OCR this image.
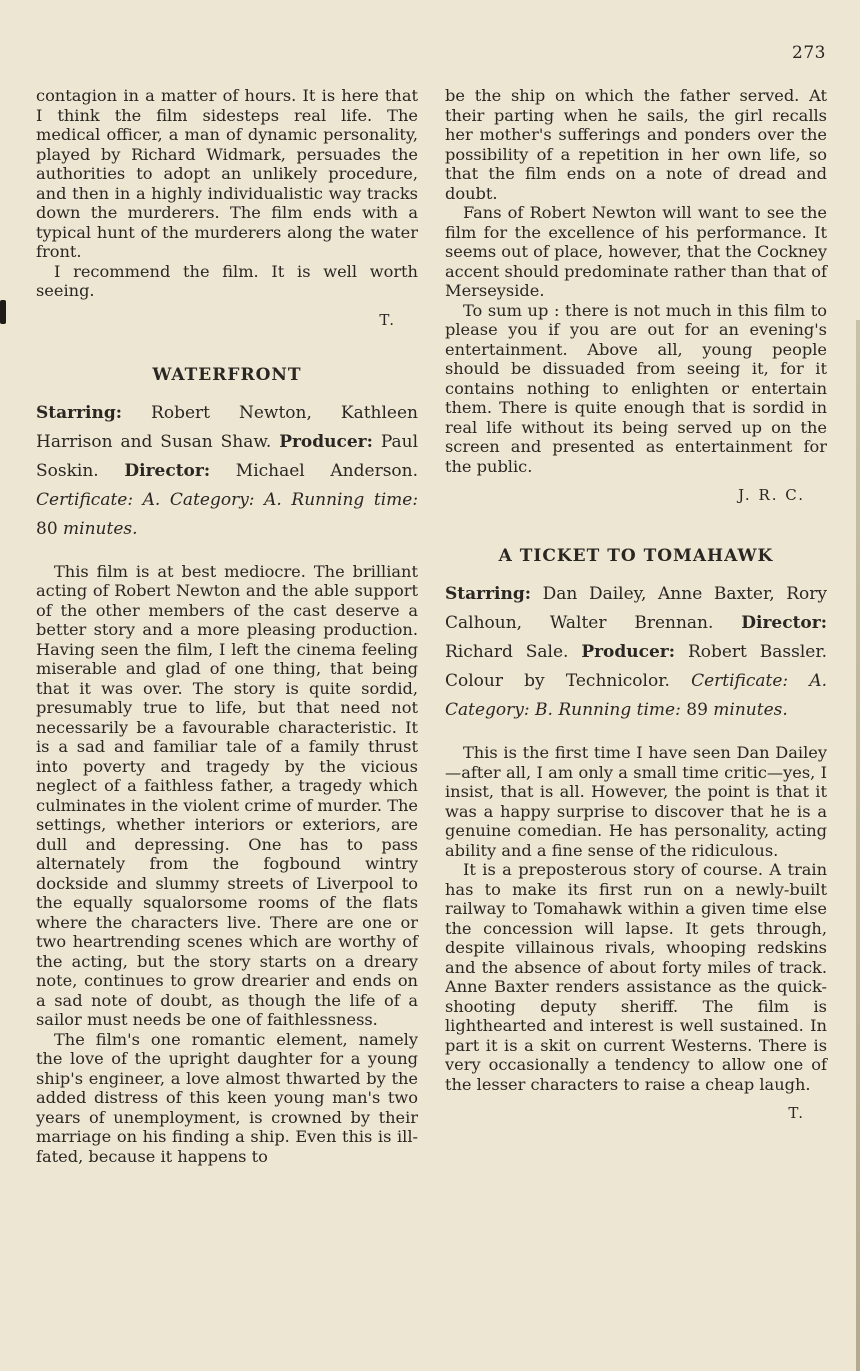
273

contagion in a matter of hours. It is here that I think the film sidesteps real life. The medical officer, a man of dynamic personality, played by Richard Widmark, persuades the authorities to adopt an unlikely procedure, and then in a highly individualistic way tracks down the murderers. The film ends with a typical hunt of the murderers along the water front.

I recommend the film. It is well worth seeing.

T.
WATERFRONT
Starring: Robert Newton, Kathleen Harrison and Susan Shaw. Producer: Paul Soskin. Director: Michael Anderson. Certificate: A. Category: A. Running time: 80 minutes.

This film is at best mediocre. The brilliant acting of Robert Newton and the able support of the other members of the cast deserve a better story and a more pleasing production. Having seen the film, I left the cinema feeling miserable and glad of one thing, that being that it was over. The story is quite sordid, presumably true to life, but that need not necessarily be a favourable characteristic. It is a sad and familiar tale of a family thrust into poverty and tragedy by the vicious neglect of a faithless father, a tragedy which culminates in the violent crime of murder. The settings, whether interiors or exteriors, are dull and depressing. One has to pass alternately from the fogbound wintry dockside and slummy streets of Liverpool to the equally squalorsome rooms of the flats where the characters live. There are one or two heartrending scenes which are worthy of the acting, but the story starts on a dreary note, continues to grow drearier and ends on a sad note of doubt, as though the life of a sailor must needs be one of faithlessness.

The film's one romantic element, namely the love of the upright daughter for a young ship's engineer, a love almost thwarted by the added distress of this keen young man's two years of unemployment, is crowned by their marriage on his finding a ship. Even this is ill-fated, because it happens to

be the ship on which the father served. At their parting when he sails, the girl recalls her mother's sufferings and ponders over the possibility of a repetition in her own life, so that the film ends on a note of dread and doubt.

Fans of Robert Newton will want to see the film for the excellence of his performance. It seems out of place, however, that the Cockney accent should predominate rather than that of Merseyside.

To sum up : there is not much in this film to please you if you are out for an evening's entertainment. Above all, young people should be dissuaded from seeing it, for it contains nothing to enlighten or entertain them. There is quite enough that is sordid in real life without its being served up on the screen and presented as entertainment for the public.

J. R. C.
A TICKET TO TOMAHAWK
Starring: Dan Dailey, Anne Baxter, Rory Calhoun, Walter Brennan. Director: Richard Sale. Producer: Robert Bassler. Colour by Technicolor. Certificate: A. Category: B. Running time: 89 minutes.

This is the first time I have seen Dan Dailey—after all, I am only a small time critic—yes, I insist, that is all. However, the point is that it was a happy surprise to discover that he is a genuine comedian. He has personality, acting ability and a fine sense of the ridiculous.

It is a preposterous story of course. A train has to make its first run on a newly-built railway to Tomahawk within a given time else the concession will lapse. It gets through, despite villainous rivals, whooping redskins and the absence of about forty miles of track. Anne Baxter renders assistance as the quick-shooting deputy sheriff. The film is lighthearted and interest is well sustained. In part it is a skit on current Westerns. There is very occasionally a tendency to allow one of the lesser characters to raise a cheap laugh.

T.
